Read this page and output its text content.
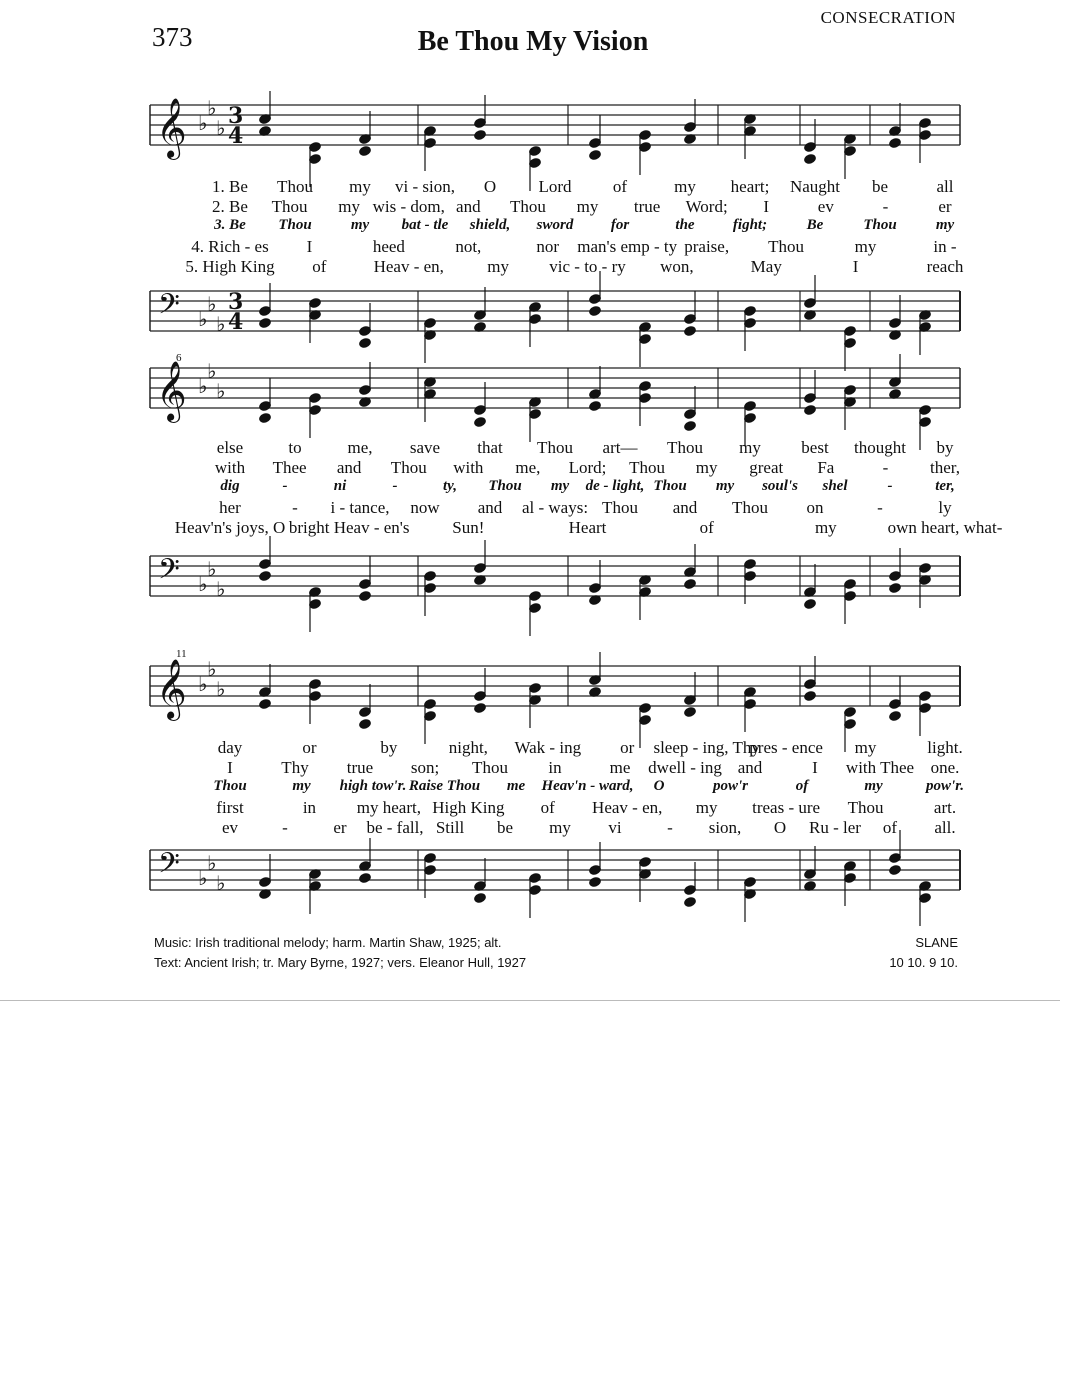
373	Be Thou My Vision
CONSECRATION
𝄞 ♭
♭
♭ 3
4
1. Be Thou my vi - sion, O Lord of	my heart; Naught be	all
2. Be Thou my wis - dom, and Thou my true Word; I	ev	-	er
3. Be Thou	my bat - tle shield, sword for	the	fight;	Be	Thou	my
4. Rich - es I	heed	not,	nor man's emp - ty praise, Thou	my	in -
5. High King of	Heav - en,	my vic - to - ry won,	May	I	reach
𝄢 ♭
♭
♭
3
4
6
𝄞 ♭
♭
♭
else	to	me, save that Thou art— Thou my best thought by
with Thee and Thou with me, Lord; Thou my great Fa	- ther,
dig	-	ni	-	ty, Thou my de - light, Thou my soul's shel	-	ter,
her	- i - tance, now and al - ways: Thou and Thou on	-	ly
Heav'n's joys, O bright Heav - en's	Sun!	Heart	of	my	own heart, what-
𝄢 ♭
♭
♭
11
𝄞 ♭
♭
♭
day	or	by	night, Wak - ing or sleep - ing, Thy
pres - ence my	light.
I	Thy true son; Thou in	me dwell - ing and	I with Thee one.
Thou	my high tow'r. Raise Thou me Heav'n - ward, O	pow'r	of	my	pow'r.
first	in my heart, High King of Heav - en, my treas - ure Thou	art.
ev	-	er be - fall, Still be my vi	- sion, O Ru - ler of all.
𝄢 ♭
♭
♭
Music: Irish traditional melody; harm. Martin Shaw, 1925; alt.
Text: Ancient Irish; tr. Mary Byrne, 1927; vers. Eleanor Hull, 1927
SLANE
10 10. 9 10.
